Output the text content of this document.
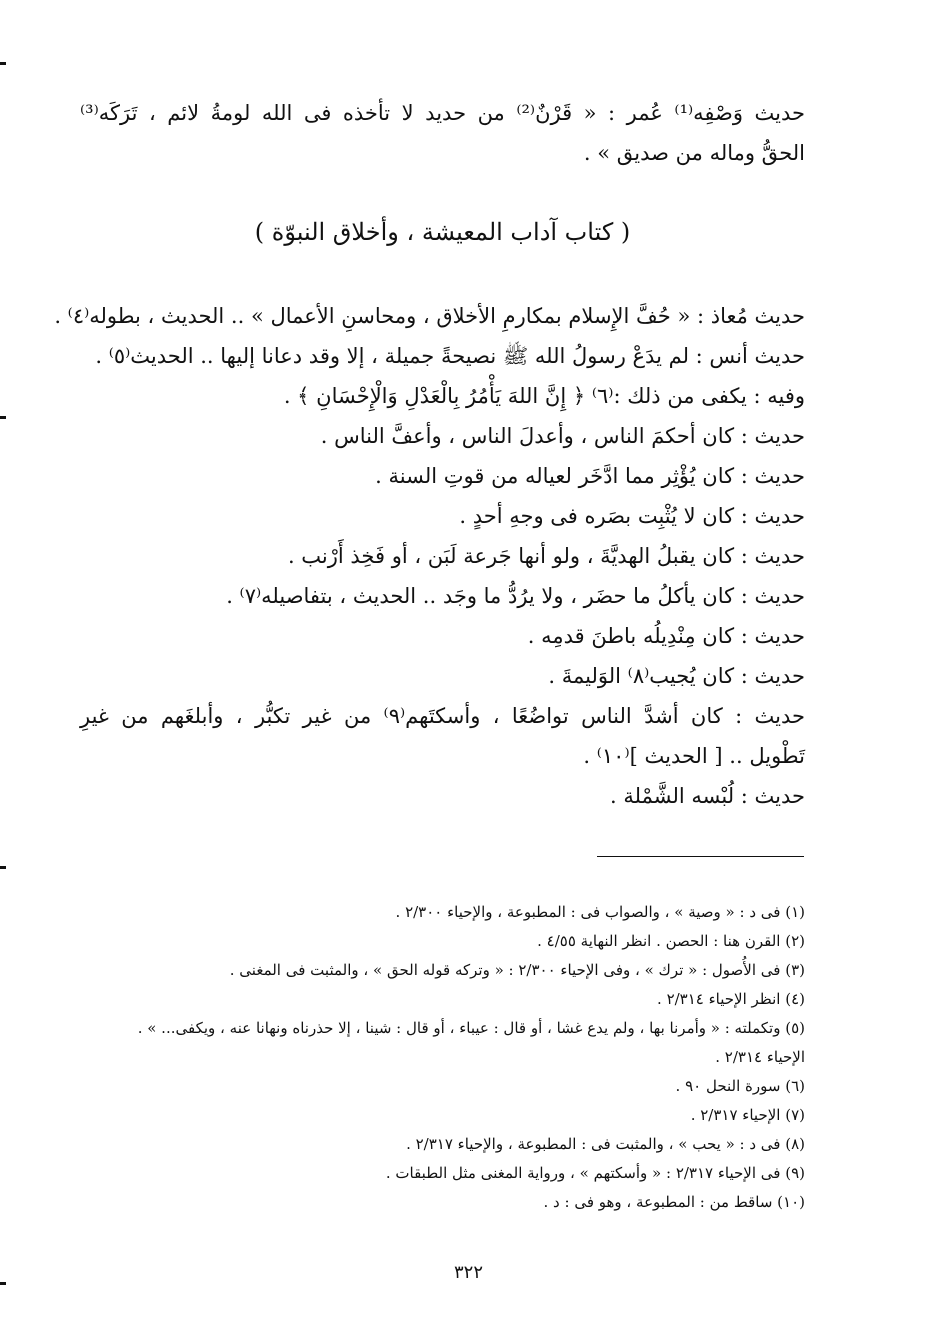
حديث وَصْفِه⁽¹⁾ عُمر : « قَرْنٌ⁽²⁾ من حديد لا تأخذه فى الله لومةُ لائم ، تَرَكَه⁽³⁾
الحقُّ وماله من صديق » .
( كتاب آداب المعيشة ، وأخلاق النبوّة )
حديث مُعاذ : « حُفَّ الإِسلام بمكارمِ الأخلاق ، ومحاسنِ الأعمال » .. الحديث ، بطوله⁽٤⁾ .
حديث أنس : لم يدَعْ رسولُ الله ﷺ نصيحةً جميلة ، إلا وقد دعانا إليها .. الحديث⁽٥⁾ .
وفيه : يكفى من ذلك :⁽٦⁾ ﴿ إِنَّ اللهَ يَأْمُرُ بِالْعَدْلِ وَالْإِحْسَانِ ﴾ .
حديث : كان أحكمَ الناس ، وأعدلَ الناس ، وأعفَّ الناس .
حديث : كان يُؤْثِر مما ادَّخَر لعياله من قوتِ السنة .
حديث : كان لا يُثْبِت بصَره فى وجهِ أحدٍ .
حديث : كان يقبلُ الهديَّةَ ، ولو أنها جَرعة لَبَن ، أو فَخِذ أَرْنب .
حديث : كان يأكلُ ما حضَر ، ولا يرُدُّ ما وجَد .. الحديث ، بتفاصيله⁽٧⁾ .
حديث : كان مِنْدِيلُه باطنَ قدمِه .
حديث : كان يُجيب⁽٨⁾ الوَليمةَ .
حديث : كان أشدَّ الناس تواضُعًا ، وأسكتَهم⁽٩⁾ من غير تكبُّر ، وأبلغَهم من غيرِ
تَطْويل .. [ الحديث ]⁽١٠⁾ .
حديث : لُبْسه الشَّمْلة .
(١) فى د : « وصية » ، والصواب فى : المطبوعة ، والإحياء ٢/٣٠٠ .
(٢) القرن هنا : الحصن . انظر النهاية ٤/٥٥ .
(٣) فى الأُصول : « ترك » ، وفى الإحياء ٢/٣٠٠ : « وتركه قوله الحق » ، والمثبت فى المغنى .
(٤) انظر الإحياء ٢/٣١٤ .
(٥) وتكملته : « وأمرنا بها ، ولم يدع غشا ، أو قال : عيباء ، أو قال : شينا ، إلا حذرناه ونهانا عنه ، ويكفى... » .
الإحياء ٢/٣١٤ .
(٦) سورة النحل ٩٠ .
(٧) الإحياء ٢/٣١٧ .
(٨) فى د : « يحب » ، والمثبت فى : المطبوعة ، والإحياء ٢/٣١٧ .
(٩) فى الإحياء ٢/٣١٧ : « وأسكتهم » ، ورواية المغنى مثل الطبقات .
(١٠) ساقط من : المطبوعة ، وهو فى : د .
٣٢٢
